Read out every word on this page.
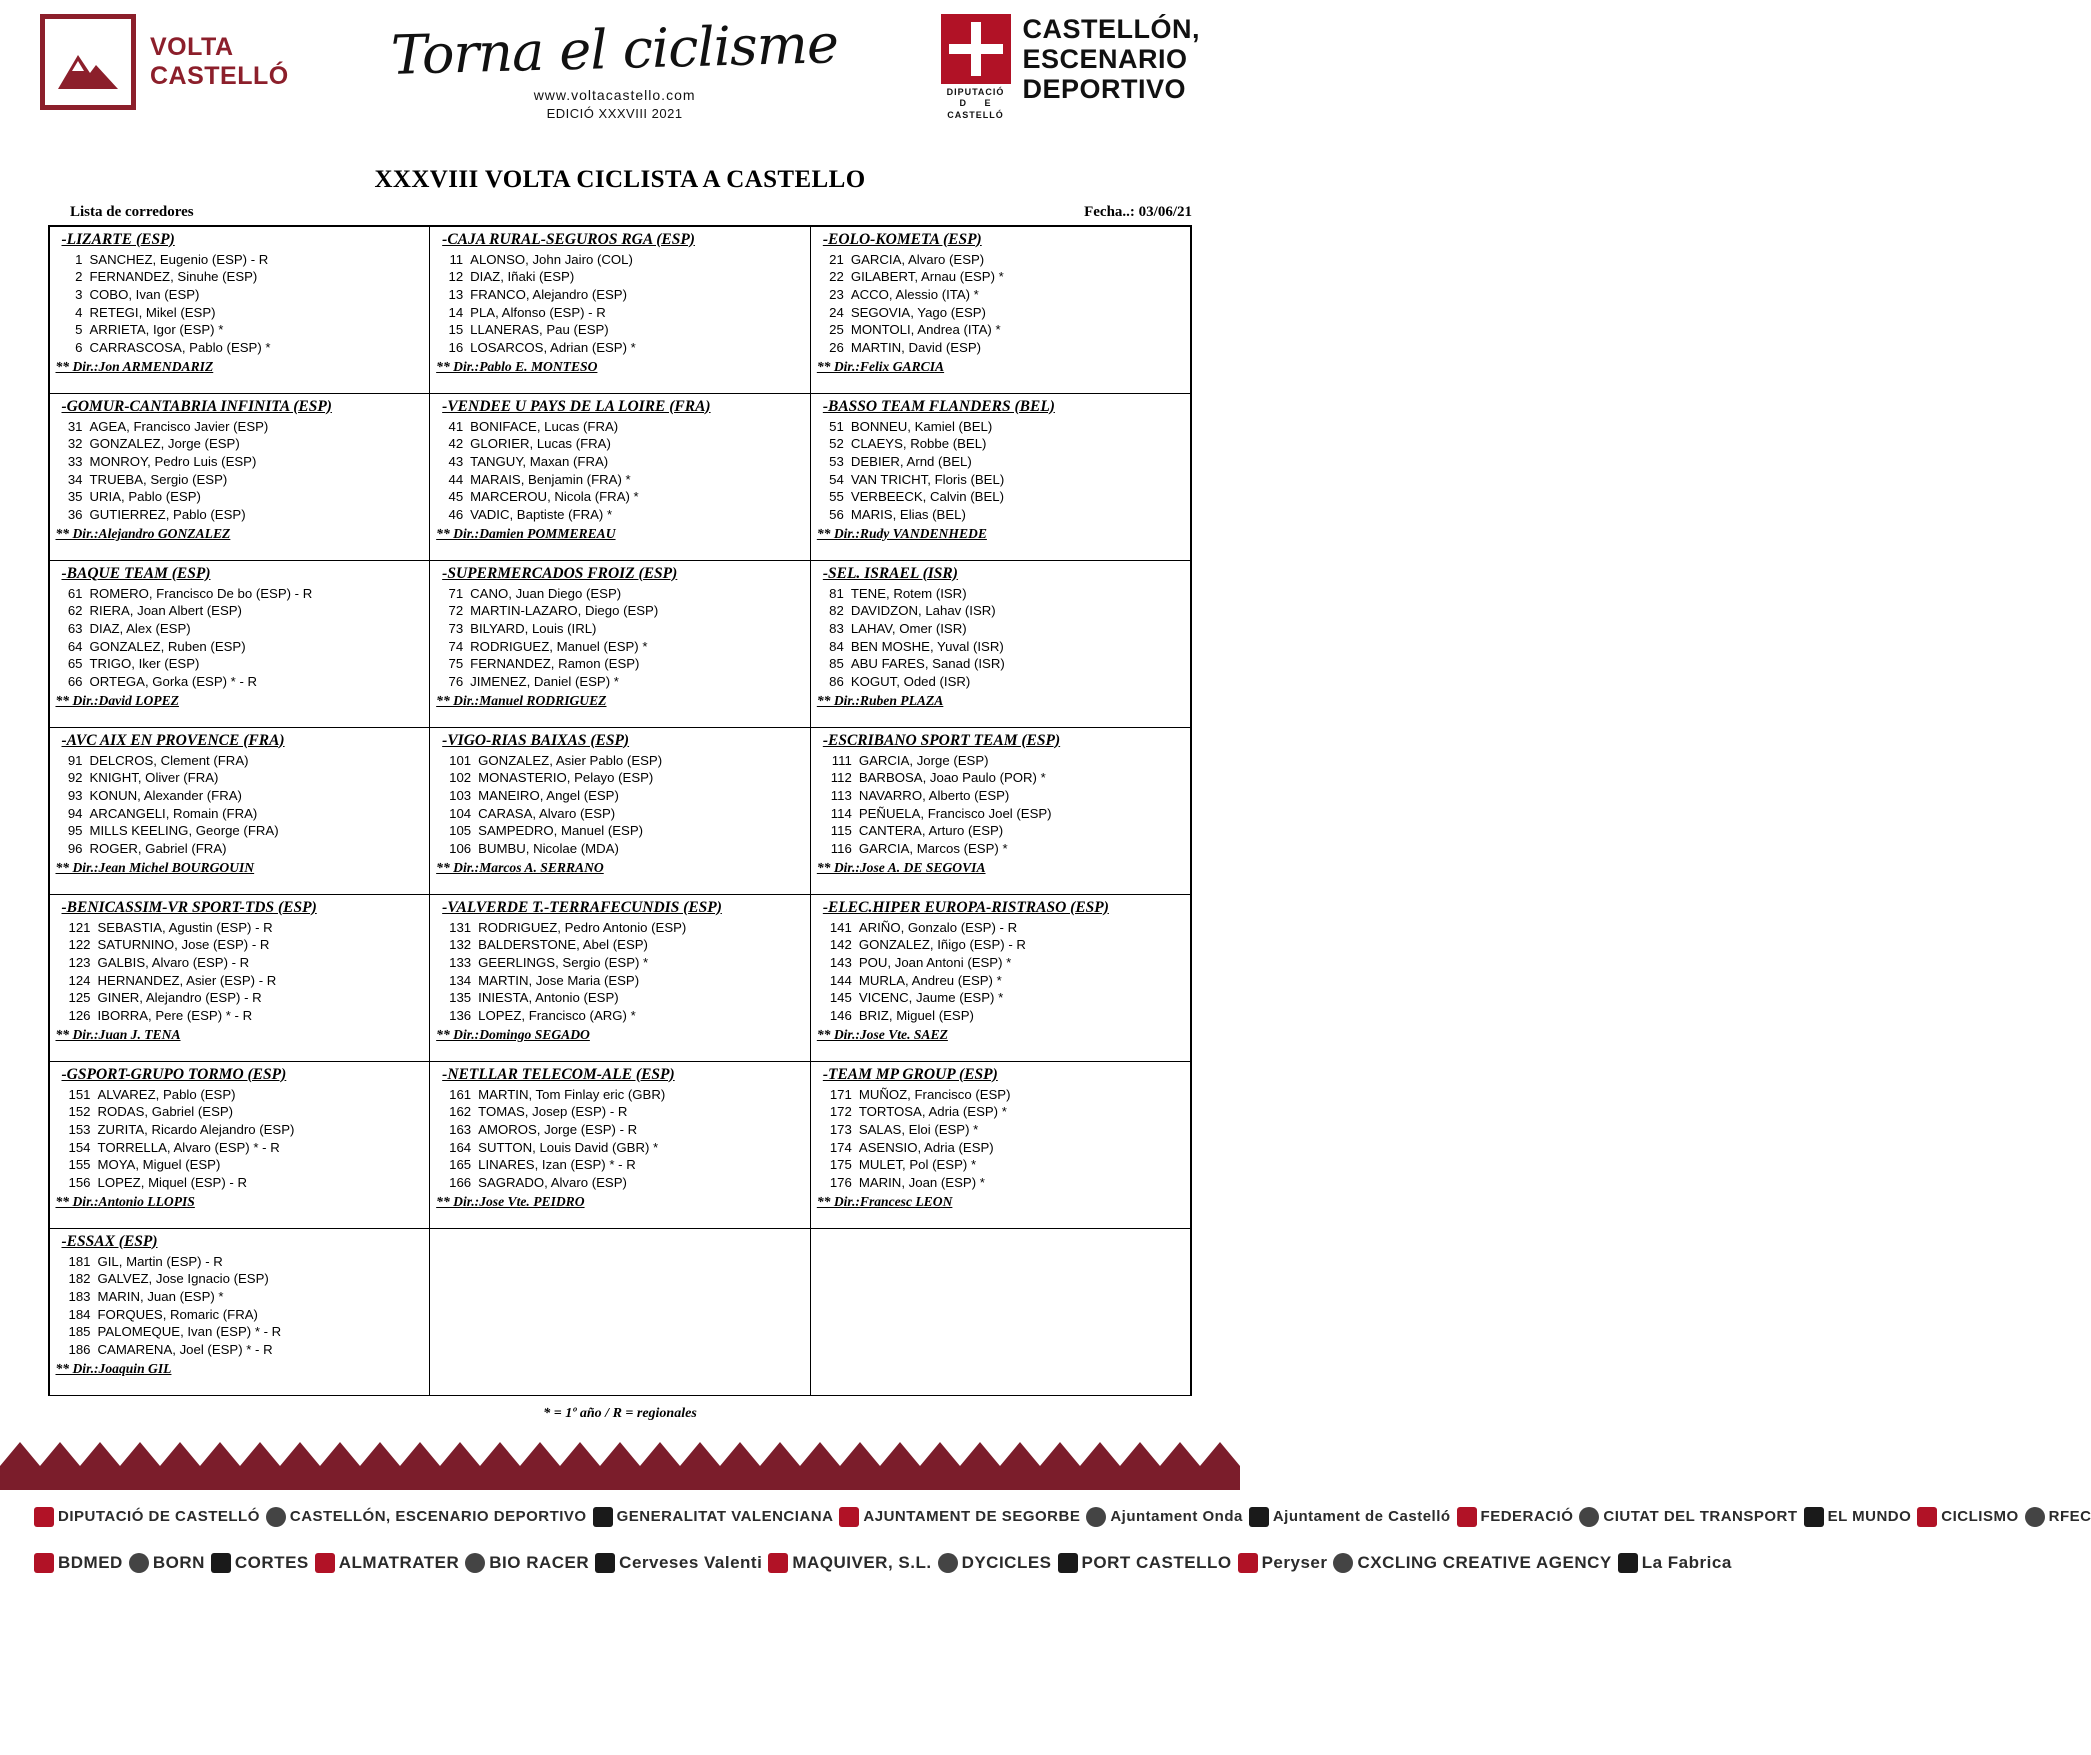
VOLTA
CASTELLÓ	Torna el ciclisme
www.voltacastello.com
EDICIÓ XXXVIII 2021
DIPUTACIÓ
D     E
CASTELLÓ
CASTELLÓN,
ESCENARIO
DEPORTIVO
XXXVIII VOLTA CICLISTA A CASTELLO
Lista de corredores	Fecha..: 03/06/21
-LIZARTE (ESP)
1 SANCHEZ, Eugenio (ESP) - R
2 FERNANDEZ, Sinuhe (ESP)
3 COBO, Ivan (ESP)
4 RETEGI, Mikel (ESP)
5 ARRIETA, Igor (ESP) *
6 CARRASCOSA, Pablo (ESP) *
** Dir.:Jon ARMENDARIZ
-CAJA RURAL-SEGUROS RGA (ESP)
11 ALONSO, John Jairo (COL)
12 DIAZ, Iñaki (ESP)
13 FRANCO, Alejandro (ESP)
14 PLA, Alfonso (ESP) - R
15 LLANERAS, Pau (ESP)
16 LOSARCOS, Adrian (ESP) *
** Dir.:Pablo E. MONTESO
-EOLO-KOMETA (ESP)
21 GARCIA, Alvaro (ESP)
22 GILABERT, Arnau (ESP) *
23 ACCO, Alessio (ITA) *
24 SEGOVIA, Yago (ESP)
25 MONTOLI, Andrea (ITA) *
26 MARTIN, David (ESP)
** Dir.:Felix GARCIA
-GOMUR-CANTABRIA INFINITA (ESP)
31 AGEA, Francisco Javier (ESP)
32 GONZALEZ, Jorge (ESP)
33 MONROY, Pedro Luis (ESP)
34 TRUEBA, Sergio (ESP)
35 URIA, Pablo (ESP)
36 GUTIERREZ, Pablo (ESP)
** Dir.:Alejandro GONZALEZ
-VENDEE U PAYS DE LA LOIRE (FRA)
41 BONIFACE, Lucas (FRA)
42 GLORIER, Lucas (FRA)
43 TANGUY, Maxan (FRA)
44 MARAIS, Benjamin (FRA) *
45 MARCEROU, Nicola (FRA) *
46 VADIC, Baptiste (FRA) *
** Dir.:Damien POMMEREAU
-BASSO TEAM FLANDERS (BEL)
51 BONNEU, Kamiel (BEL)
52 CLAEYS, Robbe (BEL)
53 DEBIER, Arnd (BEL)
54 VAN TRICHT, Floris (BEL)
55 VERBEECK, Calvin (BEL)
56 MARIS, Elias (BEL)
** Dir.:Rudy VANDENHEDE
-BAQUE TEAM (ESP)
61 ROMERO, Francisco De bo (ESP) - R
62 RIERA, Joan Albert (ESP)
63 DIAZ, Alex (ESP)
64 GONZALEZ, Ruben (ESP)
65 TRIGO, Iker (ESP)
66 ORTEGA, Gorka (ESP) * - R
** Dir.:David LOPEZ
-SUPERMERCADOS FROIZ (ESP)
71 CANO, Juan Diego (ESP)
72 MARTIN-LAZARO, Diego (ESP)
73 BILYARD, Louis (IRL)
74 RODRIGUEZ, Manuel (ESP) *
75 FERNANDEZ, Ramon (ESP)
76 JIMENEZ, Daniel (ESP) *
** Dir.:Manuel RODRIGUEZ
-SEL. ISRAEL (ISR)
81 TENE, Rotem (ISR)
82 DAVIDZON, Lahav (ISR)
83 LAHAV, Omer (ISR)
84 BEN MOSHE, Yuval (ISR)
85 ABU FARES, Sanad (ISR)
86 KOGUT, Oded (ISR)
** Dir.:Ruben PLAZA
-AVC AIX EN PROVENCE (FRA)
91 DELCROS, Clement (FRA)
92 KNIGHT, Oliver (FRA)
93 KONUN, Alexander (FRA)
94 ARCANGELI, Romain (FRA)
95 MILLS KEELING, George (FRA)
96 ROGER, Gabriel (FRA)
** Dir.:Jean Michel BOURGOUIN
-VIGO-RIAS BAIXAS (ESP)
101 GONZALEZ, Asier Pablo (ESP)
102 MONASTERIO, Pelayo (ESP)
103 MANEIRO, Angel (ESP)
104 CARASA, Alvaro (ESP)
105 SAMPEDRO, Manuel (ESP)
106 BUMBU, Nicolae (MDA)
** Dir.:Marcos A. SERRANO
-ESCRIBANO SPORT TEAM (ESP)
111 GARCIA, Jorge (ESP)
112 BARBOSA, Joao Paulo (POR) *
113 NAVARRO, Alberto (ESP)
114 PEÑUELA, Francisco Joel (ESP)
115 CANTERA, Arturo (ESP)
116 GARCIA, Marcos (ESP) *
** Dir.:Jose A. DE SEGOVIA
-BENICASSIM-VR SPORT-TDS (ESP)
121 SEBASTIA, Agustin (ESP) - R
122 SATURNINO, Jose (ESP) - R
123 GALBIS, Alvaro (ESP) - R
124 HERNANDEZ, Asier (ESP) - R
125 GINER, Alejandro (ESP) - R
126 IBORRA, Pere (ESP) * - R
** Dir.:Juan J. TENA
-VALVERDE T.-TERRAFECUNDIS (ESP)
131 RODRIGUEZ, Pedro Antonio (ESP)
132 BALDERSTONE, Abel (ESP)
133 GEERLINGS, Sergio (ESP) *
134 MARTIN, Jose Maria (ESP)
135 INIESTA, Antonio (ESP)
136 LOPEZ, Francisco (ARG) *
** Dir.:Domingo SEGADO
-ELEC.HIPER EUROPA-RISTRASO (ESP)
141 ARIÑO, Gonzalo (ESP) - R
142 GONZALEZ, Iñigo (ESP) - R
143 POU, Joan Antoni (ESP) *
144 MURLA, Andreu (ESP) *
145 VICENC, Jaume (ESP) *
146 BRIZ, Miguel (ESP)
** Dir.:Jose Vte. SAEZ
-GSPORT-GRUPO TORMO (ESP)
151 ALVAREZ, Pablo (ESP)
152 RODAS, Gabriel (ESP)
153 ZURITA, Ricardo Alejandro (ESP)
154 TORRELLA, Alvaro (ESP) * - R
155 MOYA, Miguel (ESP)
156 LOPEZ, Miquel (ESP) - R
** Dir.:Antonio LLOPIS
-NETLLAR TELECOM-ALE (ESP)
161 MARTIN, Tom Finlay eric (GBR)
162 TOMAS, Josep (ESP) - R
163 AMOROS, Jorge (ESP) - R
164 SUTTON, Louis David (GBR) *
165 LINARES, Izan (ESP) * - R
166 SAGRADO, Alvaro (ESP)
** Dir.:Jose Vte. PEIDRO
-TEAM MP GROUP (ESP)
171 MUÑOZ, Francisco (ESP)
172 TORTOSA, Adria (ESP) *
173 SALAS, Eloi (ESP) *
174 ASENSIO, Adria (ESP)
175 MULET, Pol (ESP) *
176 MARIN, Joan (ESP) *
** Dir.:Francesc LEON
-ESSAX (ESP)
181 GIL, Martin (ESP) - R
182 GALVEZ, Jose Ignacio (ESP)
183 MARIN, Juan (ESP) *
184 FORQUES, Romaric (FRA)
185 PALOMEQUE, Ivan (ESP) * - R
186 CAMARENA, Joel (ESP) * - R
** Dir.:Joaquin GIL
* = 1º año / R = regionales
DIPUTACIÓ DE CASTELLÓ CASTELLÓN, ESCENARIO DEPORTIVO GENERALITAT VALENCIANA AJUNTAMENT DE SEGORBE Ajuntament Onda Ajuntament de Castelló FEDERACIÓ CIUTAT DEL TRANSPORT EL MUNDO CICLISMO RFEC
BDMED BORN CORTES ALMATRATER BIO RACER Cerveses Valenti MAQUIVER, S.L. DYCICLES PORT CASTELLO Peryser CXCLING CREATIVE AGENCY La Fabrica
